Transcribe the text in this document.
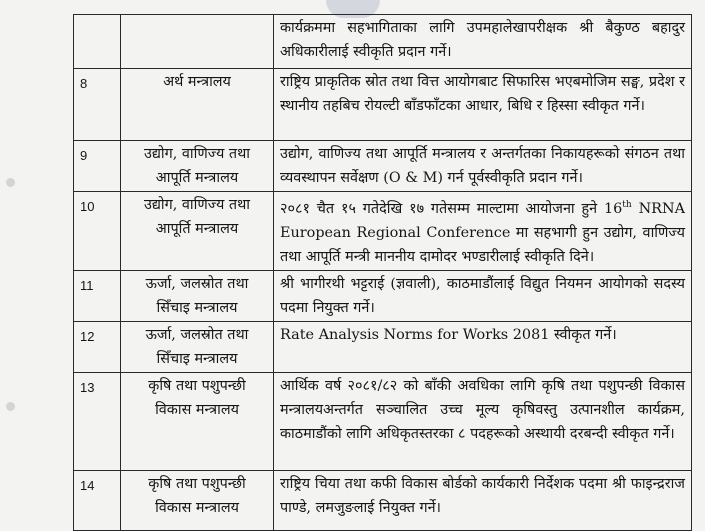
		कार्यक्रममा सहभागिताका लागि उपमहालेखापरीक्षक श्री बैकुण्ठ बहादुर अधिकारीलाई स्वीकृति प्रदान गर्ने।

8	अर्थ मन्त्रालय	राष्ट्रिय प्राकृतिक स्रोत तथा वित्त आयोगबाट सिफारिस भएबमोजिम सङ्घ, प्रदेश र स्थानीय तहबिच रोयल्टी बाँडफाँटका आधार, बिधि र हिस्सा स्वीकृत गर्ने।

9	उद्योग, वाणिज्य तथा
आपूर्ति मन्त्रालय	उद्योग, वाणिज्य तथा आपूर्ति मन्त्रालय र अन्तर्गतका निकायहरूको संगठन तथा व्यवस्थापन सर्वेक्षण (O & M) गर्न पूर्वस्वीकृति प्रदान गर्ने।

10	उद्योग, वाणिज्य तथा
आपूर्ति मन्त्रालय	२०८१ चैत १५ गतेदेखि १७ गतेसम्म माल्टामा आयोजना हुने 16th NRNA European Regional Conference मा सहभागी हुन उद्योग, वाणिज्य तथा आपूर्ति मन्त्री माननीय दामोदर भण्डारीलाई स्वीकृति दिने।

11	ऊर्जा, जलस्रोत तथा
सिँचाइ मन्त्रालय	श्री भागीरथी भट्टराई (ज्ञवाली), काठमाडौंलाई विद्युत नियमन आयोगको सदस्य पदमा नियुक्त गर्ने।

12	ऊर्जा, जलस्रोत तथा
सिँचाइ मन्त्रालय	Rate Analysis Norms for Works 2081 स्वीकृत गर्ने।

13	कृषि तथा पशुपन्छी
विकास मन्त्रालय	आर्थिक वर्ष २०८१/८२ को बाँकी अवधिका लागि कृषि तथा पशुपन्छी विकास मन्त्रालयअन्तर्गत सञ्चालित उच्च मूल्य कृषिवस्तु उत्पानशील कार्यक्रम, काठमाडौंको लागि अधिकृतस्तरका ८ पदहरूको अस्थायी दरबन्दी स्वीकृत गर्ने।

14	कृषि तथा पशुपन्छी
विकास मन्त्रालय	राष्ट्रिय चिया तथा कफी विकास बोर्डको कार्यकारी निर्देशक पदमा श्री फाइन्द्रराज पाण्डे, लमजुङलाई नियुक्त गर्ने।
